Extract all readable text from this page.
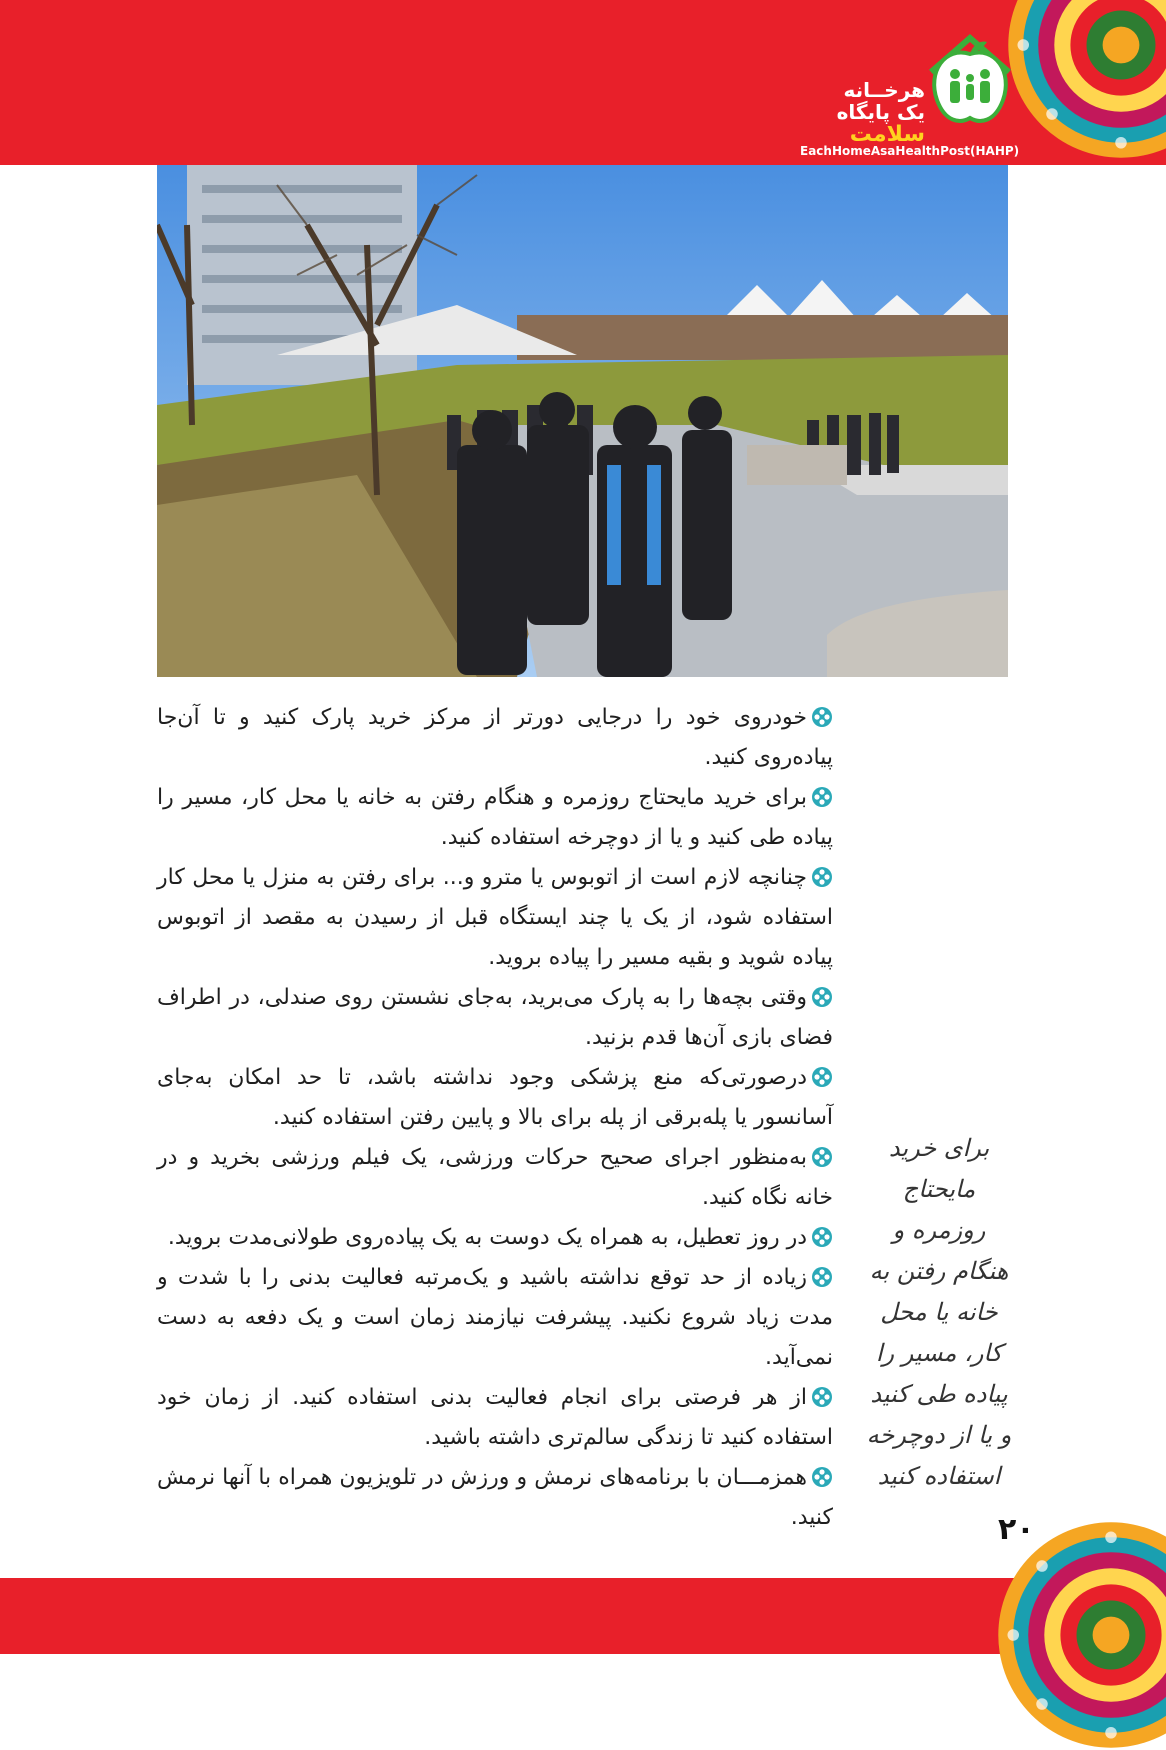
هرخــانه
یک پایگاه
سلامت
EachHomeAsaHealthPost(HAHP)

خودروی خود را درجایی دورتر از مرکز خرید پارک کنید و تا آن‌جا پیاده‌روی کنید.

برای خرید مایحتاج روزمره و هنگام رفتن به خانه یا محل کار، مسیر را پیاده طی کنید و یا از دوچرخه استفاده کنید.

چنانچه لازم است از اتوبوس یا مترو و... برای رفتن به منزل یا محل کار استفاده شود، از یک یا چند ایستگاه قبل از رسیدن به مقصد از اتوبوس پیاده شوید و بقیه مسیر را پیاده بروید.

وقتی بچه‌ها را به پارک می‌برید، به‌جای نشستن روی صندلی، در اطراف فضای بازی آن‌ها قدم بزنید.

درصورتی‌که منع پزشکی وجود نداشته باشد، تا حد امکان به‌جای آسانسور یا پله‌برقی از پله برای بالا و پایین رفتن استفاده کنید.

به‌منظور اجرای صحیح حرکات ورزشی، یک فیلم ورزشی بخرید و در خانه نگاه کنید.

در روز تعطیل، به همراه یک دوست به یک پیاده‌روی طولانی‌مدت بروید.

زیاده از حد توقع نداشته باشید و یک‌مرتبه فعالیت بدنی را با شدت و مدت زیاد شروع نکنید. پیشرفت نیازمند زمان است و یک دفعه به دست نمی‌آید.

از هر فرصتی برای انجام فعالیت بدنی استفاده کنید. از زمان خود استفاده کنید تا زندگی سالم‌تری داشته باشید.

همزمـــان با برنامه‌های نرمش و ورزش در تلویزیون همراه با آنها نرمش کنید.

برای خرید مایحتاج روزمره و هنگام رفتن به خانه یا محل کار، مسیر را پیاده طی کنید و یا از دوچرخه استفاده کنید
۲۰
